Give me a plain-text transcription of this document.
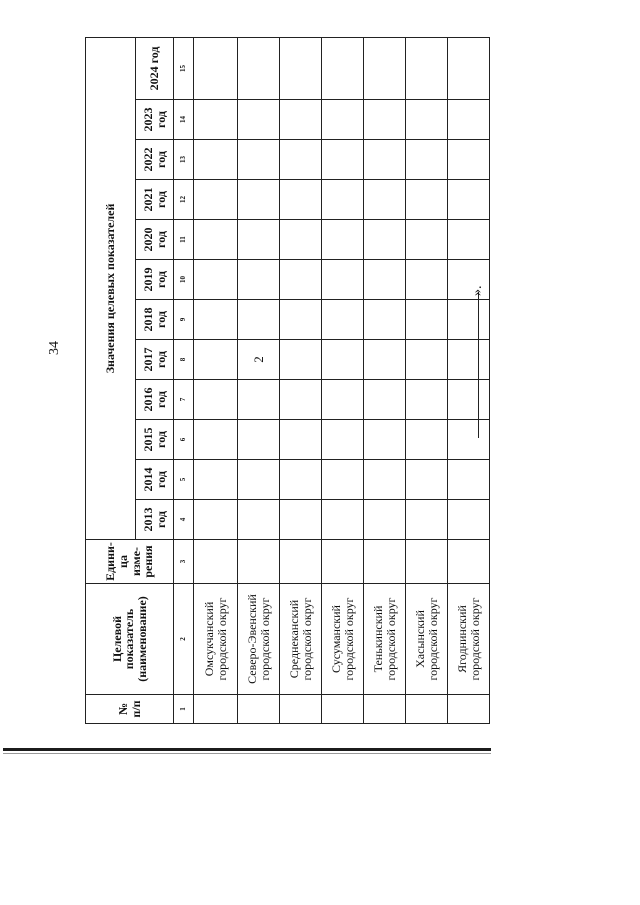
34
№ п/п	Целевой показатель (наименование)	Едини-ца изме-рения	Значения целевых показателей											
			2013 год	2014 год	2015 год	2016 год	2017 год	2018 год	2019 год	2020 год	2021 год	2022 год	2023 год	2024 год
1	2	3	4	5	6	7	8	9	10	11	12	13	14	15
	Омсукчанский городской округ													
	Северо-Эвенский городской округ						2							
	Среднеканский городской округ													
	Сусуманский городской округ													
	Тенькинский городской округ													
	Хасынский городской округ													
	Ягоднинский городской округ													
».
